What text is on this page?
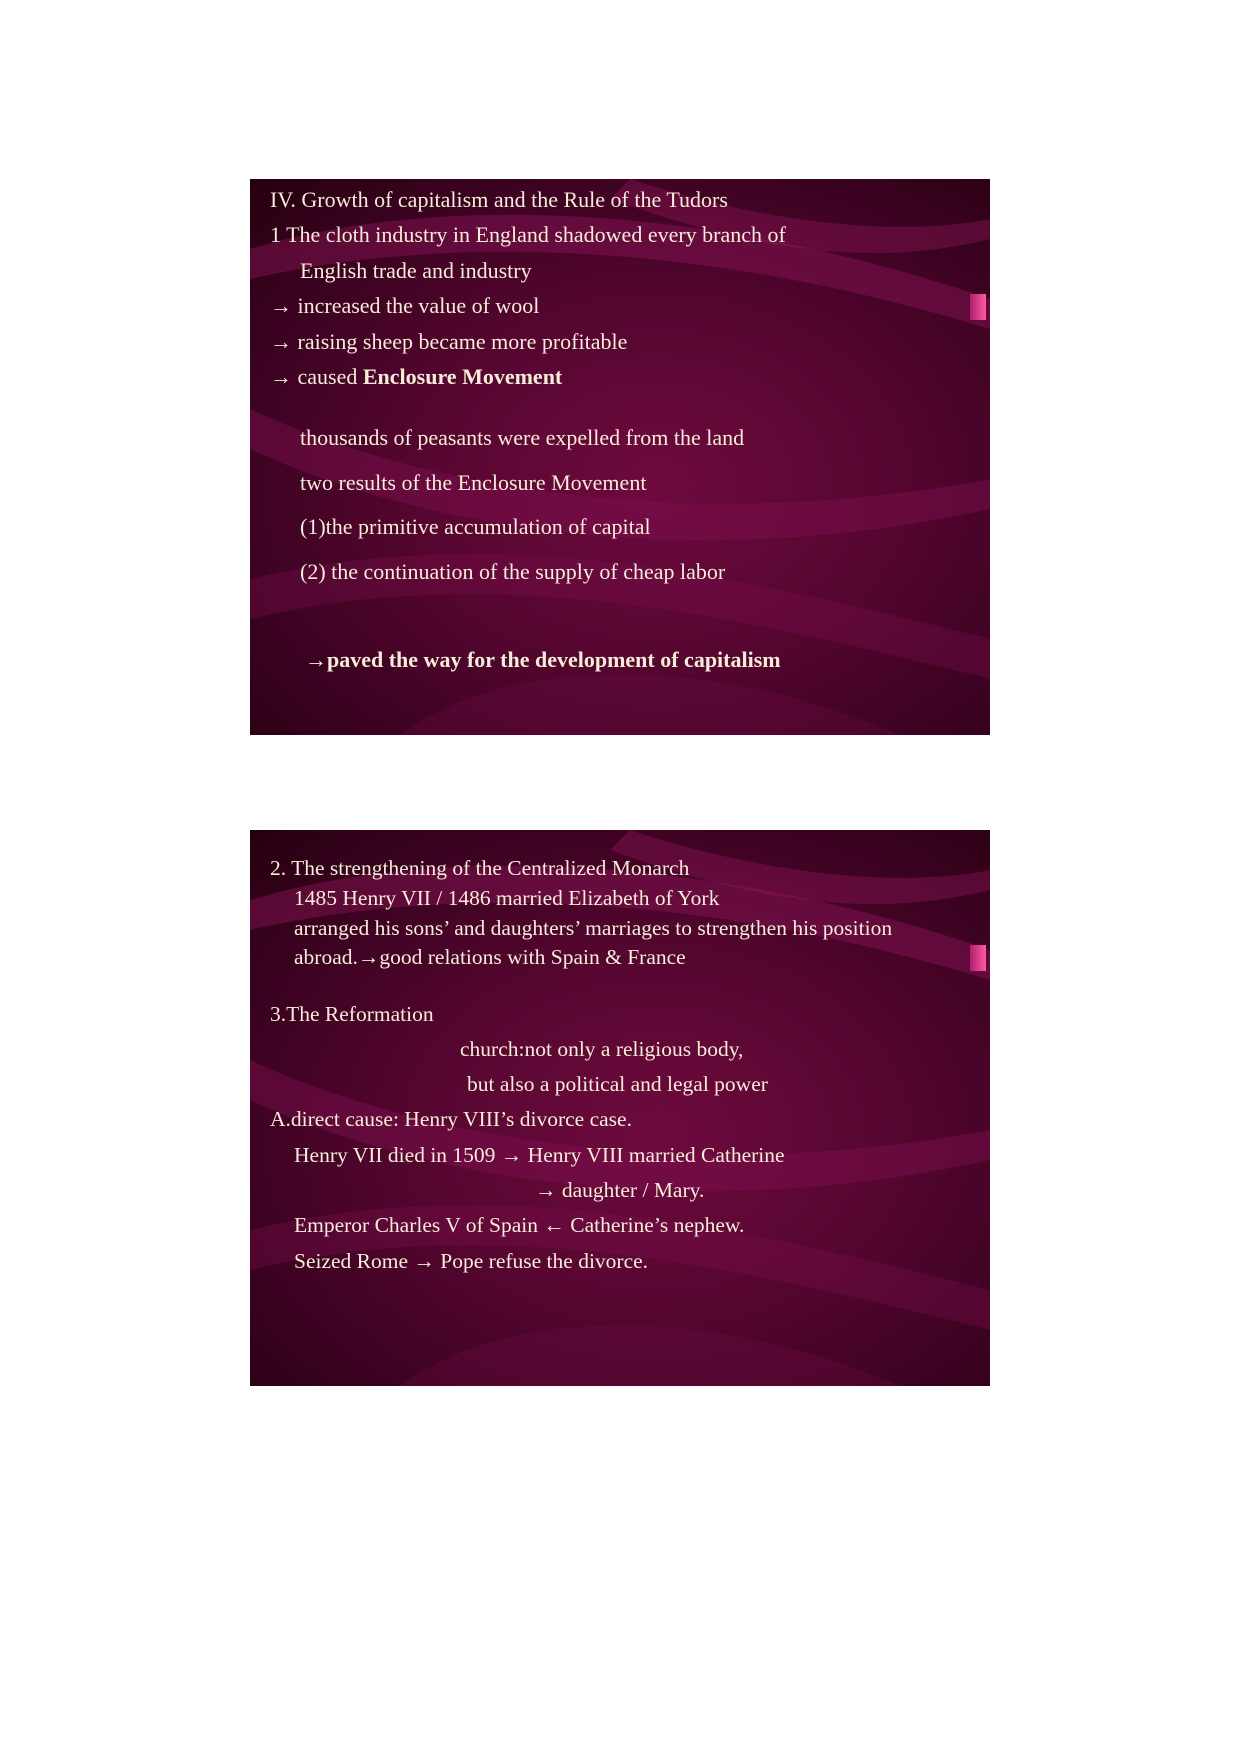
IV. Growth of capitalism and the Rule of the Tudors
1 The cloth industry in England shadowed every branch of
English trade and industry
→ increased the value of wool
→ raising sheep became more profitable
→ caused Enclosure Movement
thousands of peasants were expelled from the land
two results of the Enclosure Movement
(1)the primitive accumulation of capital
(2) the continuation of the supply of cheap labor
→paved the way for the development of capitalism
2. The strengthening of the Centralized Monarch
1485 Henry VII / 1486 married Elizabeth of York
arranged his sons’ and daughters’ marriages to strengthen his position
abroad.→good relations with Spain & France
3.The Reformation
church:not only a religious body,
but also a political and legal power
A.direct cause: Henry VIII’s divorce case.
Henry VII died in 1509 → Henry VIII married Catherine
→ daughter / Mary.
Emperor Charles V of Spain ← Catherine’s nephew.
Seized Rome → Pope refuse the divorce.
